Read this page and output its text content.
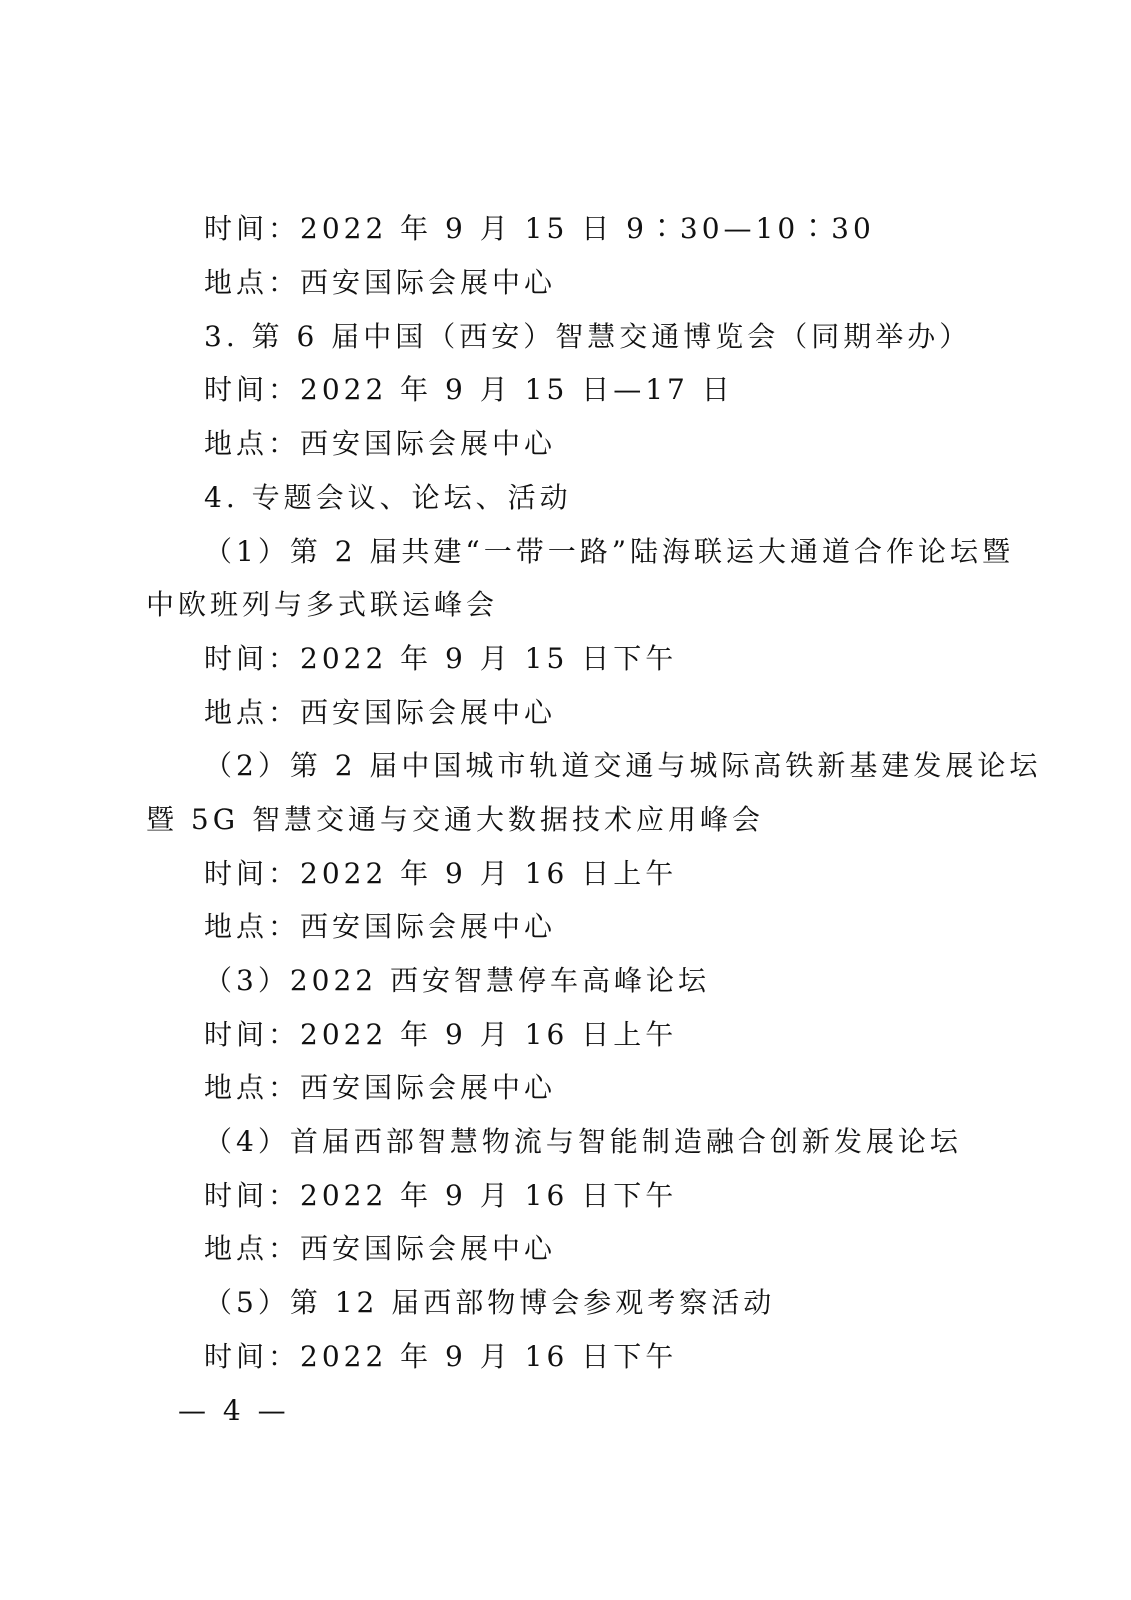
时间：2022 年 9 月 15 日 9∶30—10∶30
地点：西安国际会展中心
3. 第 6 届中国（西安）智慧交通博览会（同期举办）
时间：2022 年 9 月 15 日—17 日
地点：西安国际会展中心
4. 专题会议、论坛、活动
（1）第 2 届共建“一带一路”陆海联运大通道合作论坛暨
中欧班列与多式联运峰会
时间：2022 年 9 月 15 日下午
地点：西安国际会展中心
（2）第 2 届中国城市轨道交通与城际高铁新基建发展论坛
暨 5G 智慧交通与交通大数据技术应用峰会
时间：2022 年 9 月 16 日上午
地点：西安国际会展中心
（3）2022 西安智慧停车高峰论坛
时间：2022 年 9 月 16 日上午
地点：西安国际会展中心
（4）首届西部智慧物流与智能制造融合创新发展论坛
时间：2022 年 9 月 16 日下午
地点：西安国际会展中心
（5）第 12 届西部物博会参观考察活动
时间：2022 年 9 月 16 日下午
— 4 —
